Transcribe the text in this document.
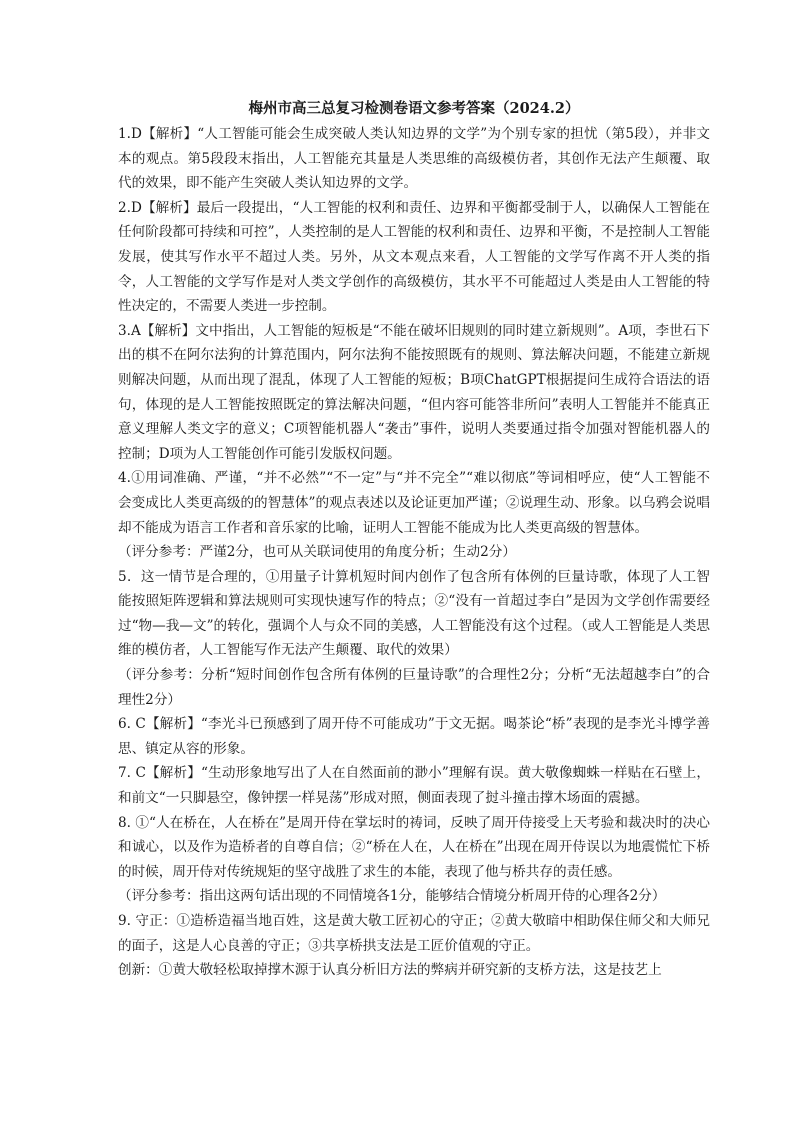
梅州市高三总复习检测卷语文参考答案（2024.2）

1.D【解析】“人工智能可能会生成突破人类认知边界的文学”为个别专家的担忧（第5段），并非文本的观点。第5段段末指出，人工智能充其量是人类思维的高级模仿者，其创作无法产生颠覆、取代的效果，即不能产生突破人类认知边界的文学。

2.D【解析】最后一段提出，“人工智能的权利和责任、边界和平衡都受制于人，以确保人工智能在任何阶段都可持续和可控”，人类控制的是人工智能的权利和责任、边界和平衡，不是控制人工智能发展，使其写作水平不超过人类。另外，从文本观点来看，人工智能的文学写作离不开人类的指令，人工智能的文学写作是对人类文学创作的高级模仿，其水平不可能超过人类是由人工智能的特性决定的，不需要人类进一步控制。

3.A【解析】文中指出，人工智能的短板是“不能在破坏旧规则的同时建立新规则”。A项，李世石下出的棋不在阿尔法狗的计算范围内，阿尔法狗不能按照既有的规则、算法解决问题，不能建立新规则解决问题，从而出现了混乱，体现了人工智能的短板；B项ChatGPT根据提问生成符合语法的语句，体现的是人工智能按照既定的算法解决问题，“但内容可能答非所问”表明人工智能并不能真正意义理解人类文字的意义；C项智能机器人“袭击”事件，说明人类要通过指令加强对智能机器人的控制；D项为人工智能创作可能引发版权问题。

4.①用词准确、严谨，“并不必然”“不一定”与“并不完全”“难以彻底”等词相呼应，使“人工智能不会变成比人类更高级的的智慧体”的观点表述以及论证更加严谨；②说理生动、形象。以乌鸦会说唱却不能成为语言工作者和音乐家的比喻，证明人工智能不能成为比人类更高级的智慧体。

（评分参考：严谨2分，也可从关联词使用的角度分析；生动2分）

5．这一情节是合理的，①用量子计算机短时间内创作了包含所有体例的巨量诗歌，体现了人工智能按照矩阵逻辑和算法规则可实现快速写作的特点；②“没有一首超过李白”是因为文学创作需要经过“物—我—文”的转化，强调个人与众不同的美感，人工智能没有这个过程。（或人工智能是人类思维的模仿者，人工智能写作无法产生颠覆、取代的效果）

（评分参考：分析“短时间创作包含所有体例的巨量诗歌”的合理性2分；分析“无法超越李白”的合理性2分）

6. C【解析】“李光斗已预感到了周开侍不可能成功”于文无据。喝茶论“桥”表现的是李光斗博学善思、镇定从容的形象。

7. C【解析】“生动形象地写出了人在自然面前的渺小”理解有误。黄大敬像蜘蛛一样贴在石壁上，和前文“一只脚悬空，像钟摆一样晃荡”形成对照，侧面表现了挝斗撞击撑木场面的震撼。

8. ①“人在桥在，人在桥在”是周开侍在掌坛时的祷词，反映了周开侍接受上天考验和裁决时的决心和诚心，以及作为造桥者的自尊自信；②“桥在人在，人在桥在”出现在周开侍误以为地震慌忙下桥的时候，周开侍对传统规矩的坚守战胜了求生的本能，表现了他与桥共存的责任感。

（评分参考：指出这两句话出现的不同情境各1分，能够结合情境分析周开侍的心理各2分）

9. 守正：①造桥造福当地百姓，这是黄大敬工匠初心的守正；②黄大敬暗中相助保住师父和大师兄的面子，这是人心良善的守正；③共享桥拱支法是工匠价值观的守正。

创新：①黄大敬轻松取掉撑木源于认真分析旧方法的弊病并研究新的支桥方法，这是技艺上
